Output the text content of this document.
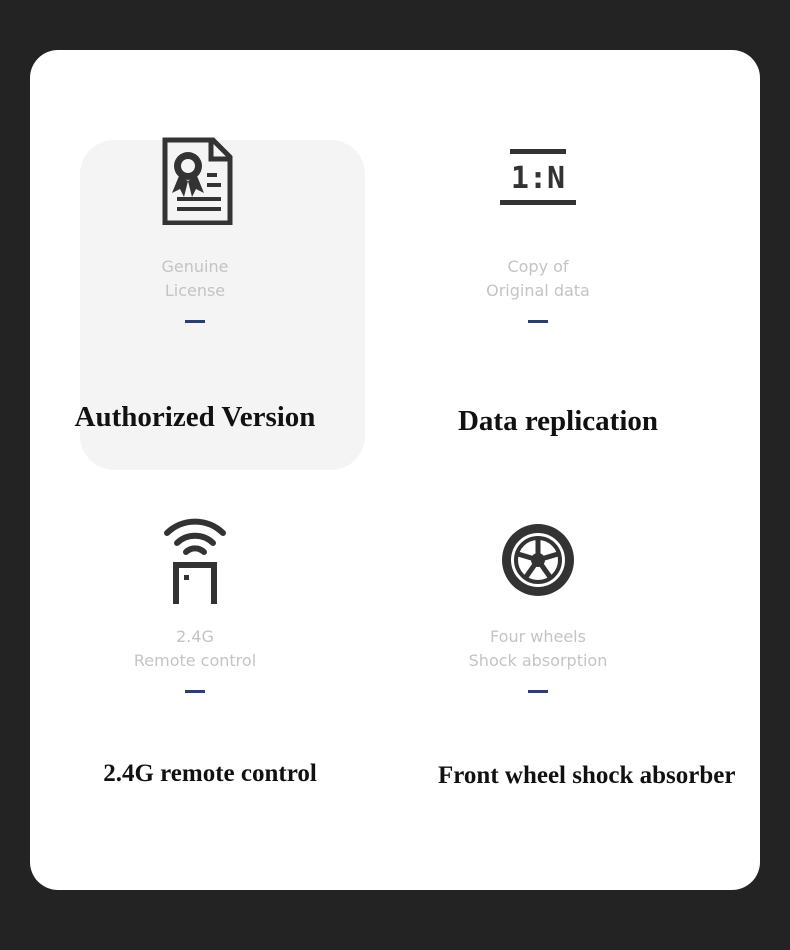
Genuine
License
Authorized Version
1:N
Copy of
Original data
Data replication
2.4G
Remote control
2.4G remote control
Four wheels
Shock absorption
Front wheel shock absorber
